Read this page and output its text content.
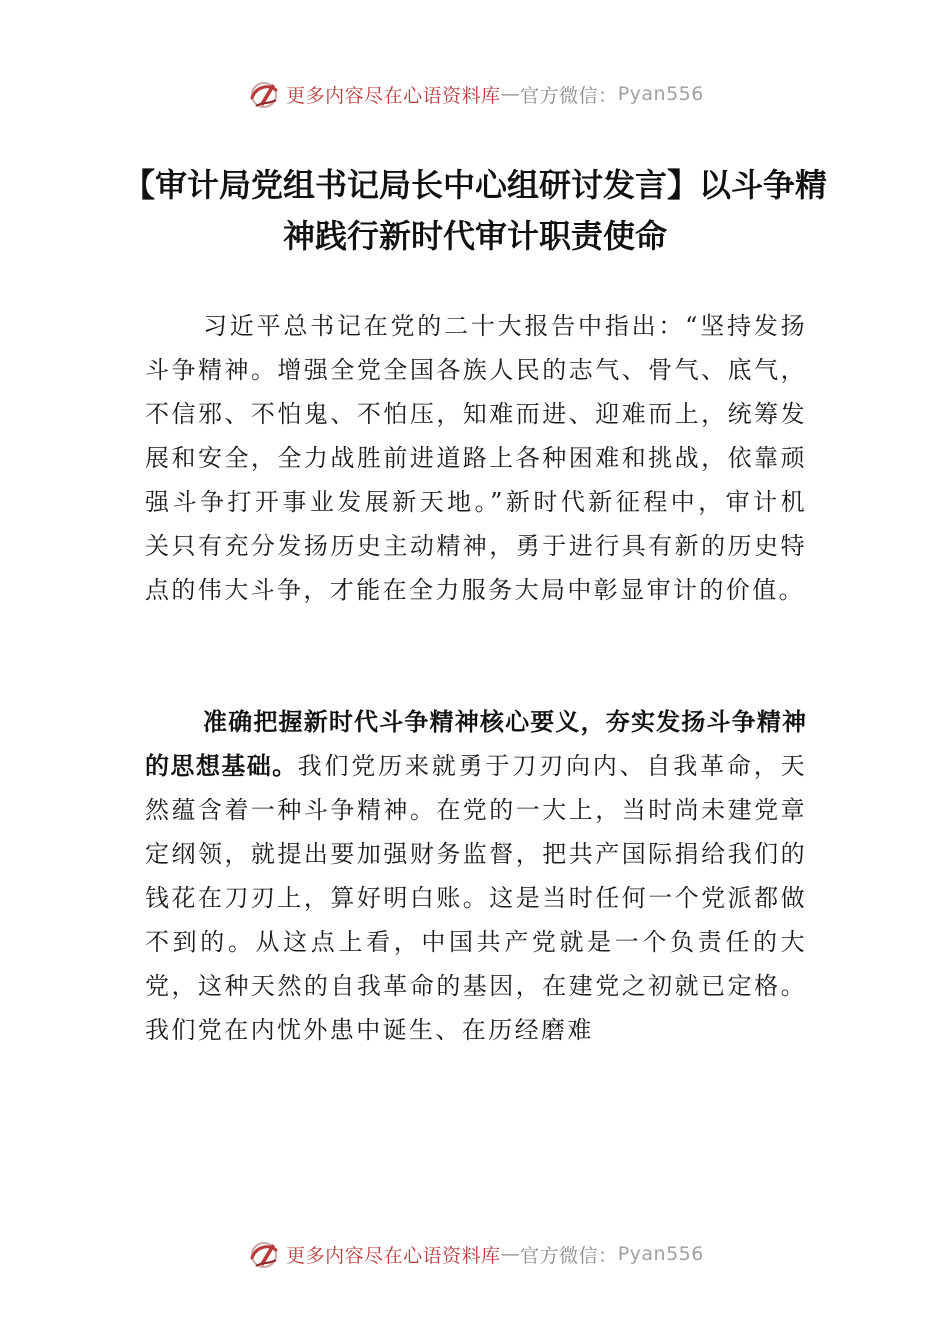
更多内容尽在心语资料库 — 官方微信： Pyan556
【审计局党组书记局长中心组研讨发言】以斗争精神践行新时代审计职责使命

习近平总书记在党的二十大报告中指出：“坚持发扬斗争精神。增强全党全国各族人民的志气、骨气、底气，不信邪、不怕鬼、不怕压，知难而进、迎难而上，统筹发展和安全，全力战胜前进道路上各种困难和挑战，依靠顽强斗争打开事业发展新天地。”新时代新征程中，审计机关只有充分发扬历史主动精神，勇于进行具有新的历史特点的伟大斗争，才能在全力服务大局中彰显审计的价值。

准确把握新时代斗争精神核心要义，夯实发扬斗争精神的思想基础。我们党历来就勇于刀刃向内、自我革命，天然蕴含着一种斗争精神。在党的一大上，当时尚未建党章定纲领，就提出要加强财务监督，把共产国际捐给我们的钱花在刀刃上，算好明白账。这是当时任何一个党派都做不到的。从这点上看，中国共产党就是一个负责任的大党，这种天然的自我革命的基因，在建党之初就已定格。我们党在内忧外患中诞生、在历经磨难

更多内容尽在心语资料库 — 官方微信： Pyan556
